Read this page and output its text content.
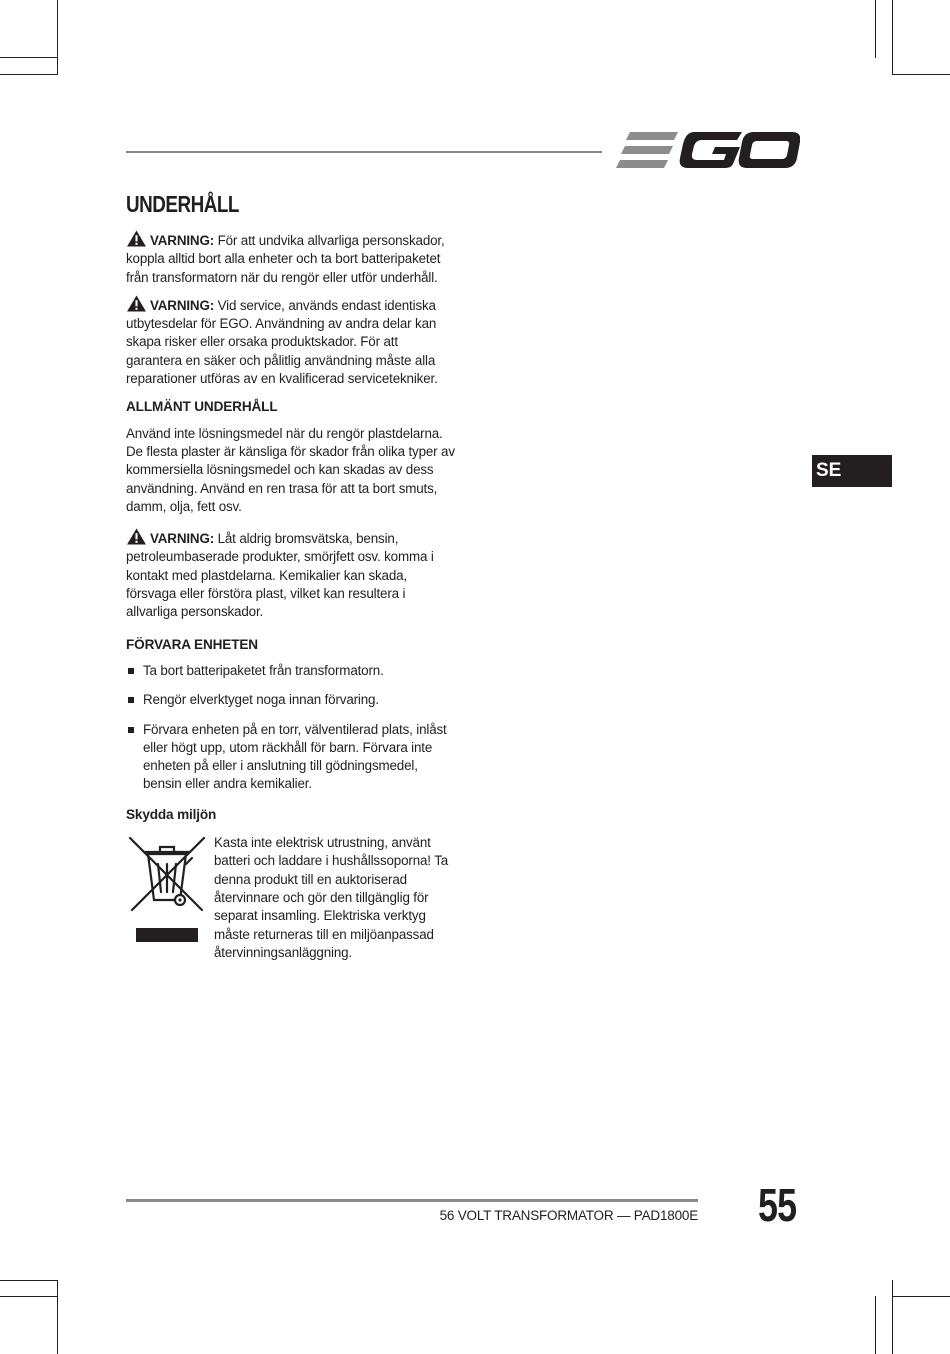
UNDERHÅLL

VARNING: För att undvika allvarliga personskador, koppla alltid bort alla enheter och ta bort batteripaketet från transformatorn när du rengör eller utför underhåll.

VARNING: Vid service, används endast identiska utbytesdelar för EGO. Användning av andra delar kan skapa risker eller orsaka produktskador. För att garantera en säker och pålitlig användning måste alla reparationer utföras av en kvalificerad servicetekniker.

ALLMÄNT UNDERHÅLL

Använd inte lösningsmedel när du rengör plastdelarna. De flesta plaster är känsliga för skador från olika typer av kommersiella lösningsmedel och kan skadas av dess användning. Använd en ren trasa för att ta bort smuts, damm, olja, fett osv.

VARNING: Låt aldrig bromsvätska, bensin, petroleumbaserade produkter, smörjfett osv. komma i kontakt med plastdelarna. Kemikalier kan skada, försvaga eller förstöra plast, vilket kan resultera i allvarliga personskador.

FÖRVARA ENHETEN
Ta bort batteripaketet från transformatorn.
Rengör elverktyget noga innan förvaring.
Förvara enheten på en torr, välventilerad plats, inlåst eller högt upp, utom räckhåll för barn. Förvara inte enheten på eller i anslutning till gödningsmedel, bensin eller andra kemikalier.
Skydda miljön
Kasta inte elektrisk utrustning, använt batteri och laddare i hushållssoporna! Ta denna produkt till en auktoriserad återvinnare och gör den tillgänglig för separat insamling. Elektriska verktyg måste returneras till en miljöanpassad återvinningsanläggning.
SE
56 VOLT TRANSFORMATOR — PAD1800E 55
